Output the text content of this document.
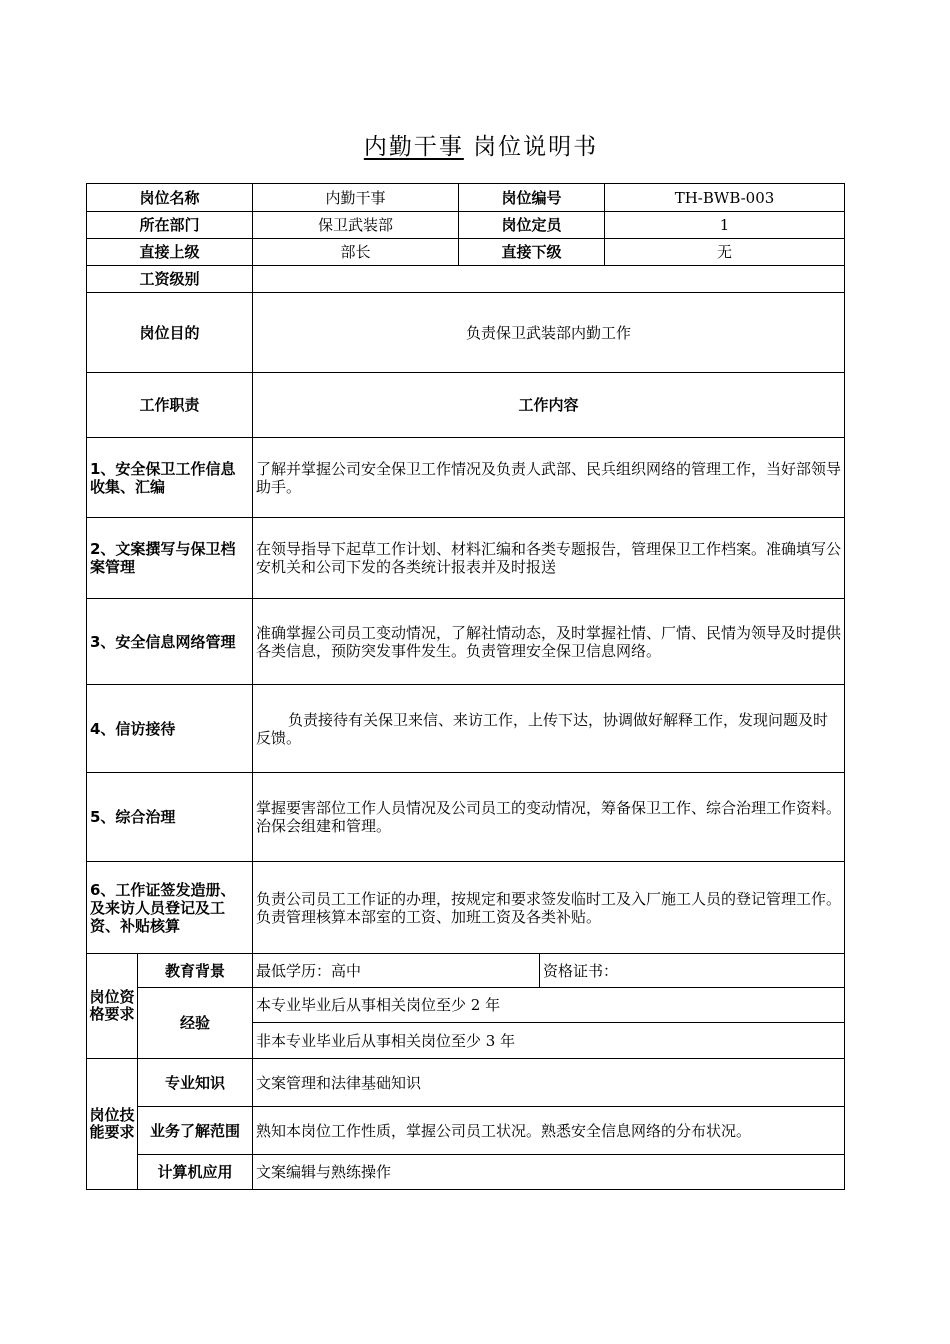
内勤干事 岗位说明书
岗位名称		内勤干事	岗位编号		TH-BWB-003
所在部门		保卫武装部	岗位定员		1
直接上级		部长	直接下级		无
工资级别					
岗位目的		负责保卫武装部内勤工作			
工作职责		工作内容			
1、安全保卫工作信息收集、汇编		了解并掌握公司安全保卫工作情况及负责人武部、民兵组织网络的管理工作，当好部领导助手。			
2、文案撰写与保卫档案管理		在领导指导下起草工作计划、材料汇编和各类专题报告，管理保卫工作档案。准确填写公安机关和公司下发的各类统计报表并及时报送			
3、安全信息网络管理		准确掌握公司员工变动情况，了解社情动态，及时掌握社情、厂情、民情为领导及时提供各类信息，预防突发事件发生。负责管理安全保卫信息网络。			
4、信访接待		负责接待有关保卫来信、来访工作，上传下达，协调做好解释工作，发现问题及时反馈。			
5、综合治理		掌握要害部位工作人员情况及公司员工的变动情况，筹备保卫工作、综合治理工作资料。治保会组建和管理。			
6、工作证签发造册、及来访人员登记及工资、补贴核算		负责公司员工工作证的办理，按规定和要求签发临时工及入厂施工人员的登记管理工作。负责管理核算本部室的工资、加班工资及各类补贴。			
岗位资格要求	教育背景	最低学历：高中		资格证书：	
	经验	本专业毕业后从事相关岗位至少 2 年			
		非本专业毕业后从事相关岗位至少 3 年			
岗位技能要求	专业知识	文案管理和法律基础知识			
	业务了解范围	熟知本岗位工作性质，掌握公司员工状况。熟悉安全信息网络的分布状况。			
	计算机应用	文案编辑与熟练操作			
